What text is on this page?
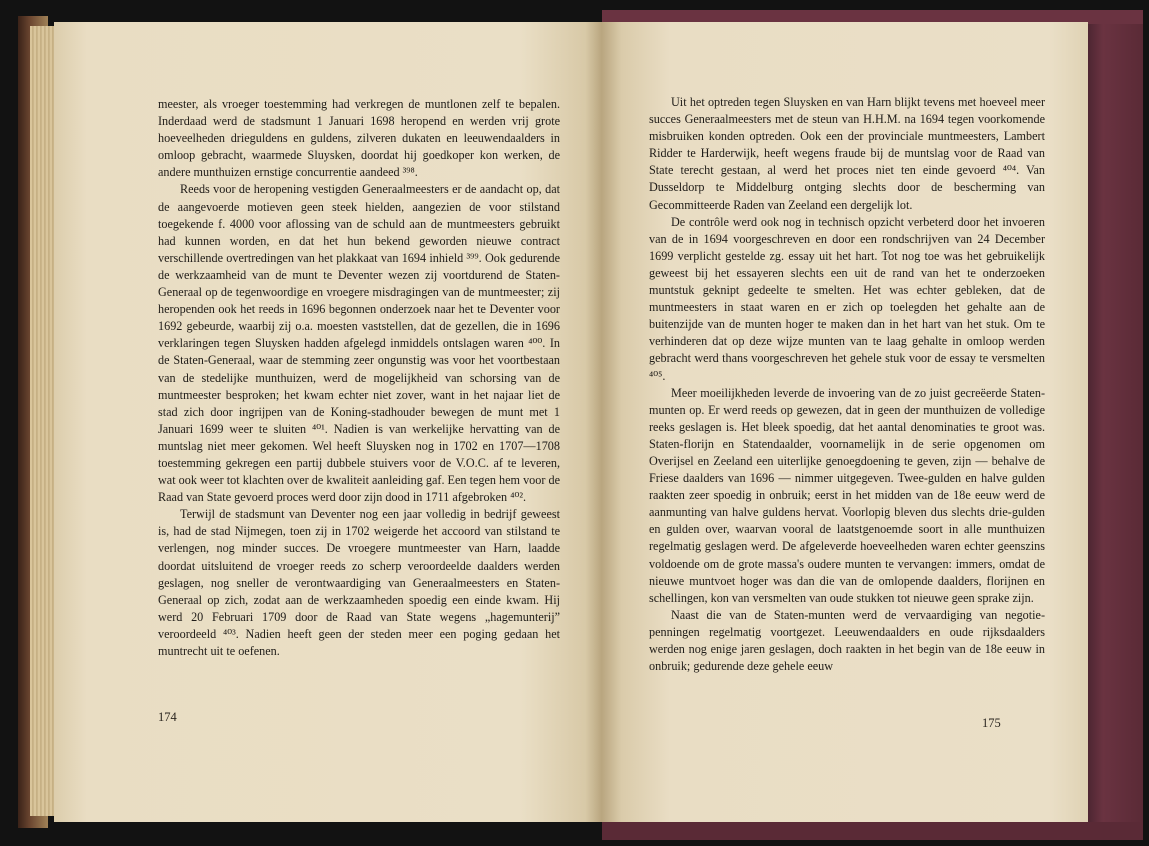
meester, als vroeger toestemming had verkregen de muntlonen zelf te bepalen. Inderdaad werd de stadsmunt 1 Januari 1698 heropend en werden vrij grote hoeveelheden drieguldens en guldens, zilveren dukaten en leeuwendaalders in omloop gebracht, waarmede Sluysken, doordat hij goedkoper kon werken, de andere munthuizen ernstige concurrentie aandeed ³⁹⁸.

Reeds voor de heropening vestigden Generaalmeesters er de aandacht op, dat de aangevoerde motieven geen steek hielden, aangezien de voor stilstand toegekende f. 4000 voor aflossing van de schuld aan de muntmeesters gebruikt had kunnen worden, en dat het hun bekend geworden nieuwe contract verschillende overtredingen van het plakkaat van 1694 inhield ³⁹⁹. Ook gedurende de werkzaamheid van de munt te Deventer wezen zij voortdurend de Staten-Generaal op de tegenwoordige en vroegere misdragingen van de muntmeester; zij heropenden ook het reeds in 1696 begonnen onderzoek naar het te Deventer voor 1692 gebeurde, waarbij zij o.a. moesten vaststellen, dat de gezellen, die in 1696 verklaringen tegen Sluysken hadden afgelegd inmiddels ontslagen waren ⁴⁰⁰. In de Staten-Generaal, waar de stemming zeer ongunstig was voor het voortbestaan van de stedelijke munthuizen, werd de mogelijkheid van schorsing van de muntmeester besproken; het kwam echter niet zover, want in het najaar liet de stad zich door ingrijpen van de Koning-stadhouder bewegen de munt met 1 Januari 1699 weer te sluiten ⁴⁰¹. Nadien is van werkelijke hervatting van de muntslag niet meer gekomen. Wel heeft Sluysken nog in 1702 en 1707—1708 toestemming gekregen een partij dubbele stuivers voor de V.O.C. af te leveren, wat ook weer tot klachten over de kwaliteit aanleiding gaf. Een tegen hem voor de Raad van State gevoerd proces werd door zijn dood in 1711 afgebroken ⁴⁰².

Terwijl de stadsmunt van Deventer nog een jaar volledig in bedrijf geweest is, had de stad Nijmegen, toen zij in 1702 weigerde het accoord van stilstand te verlengen, nog minder succes. De vroegere muntmeester van Harn, laadde doordat uitsluitend de vroeger reeds zo scherp veroordeelde daalders werden geslagen, nog sneller de verontwaardiging van Generaalmeesters en Staten-Generaal op zich, zodat aan de werkzaamheden spoedig een einde kwam. Hij werd 20 Februari 1709 door de Raad van State wegens „hagemunterij” veroordeeld ⁴⁰³. Nadien heeft geen der steden meer een poging gedaan het muntrecht uit te oefenen.

174

Uit het optreden tegen Sluysken en van Harn blijkt tevens met hoeveel meer succes Generaalmeesters met de steun van H.H.M. na 1694 tegen voorkomende misbruiken konden optreden. Ook een der provinciale muntmeesters, Lambert Ridder te Harderwijk, heeft wegens fraude bij de muntslag voor de Raad van State terecht gestaan, al werd het proces niet ten einde gevoerd ⁴⁰⁴. Van Dusseldorp te Middelburg ontging slechts door de bescherming van Gecommitteerde Raden van Zeeland een dergelijk lot.

De contrôle werd ook nog in technisch opzicht verbeterd door het invoeren van de in 1694 voorgeschreven en door een rondschrijven van 24 December 1699 verplicht gestelde zg. essay uit het hart. Tot nog toe was het gebruikelijk geweest bij het essayeren slechts een uit de rand van het te onderzoeken muntstuk geknipt gedeelte te smelten. Het was echter gebleken, dat de muntmeesters in staat waren en er zich op toelegden het gehalte aan de buitenzijde van de munten hoger te maken dan in het hart van het stuk. Om te verhinderen dat op deze wijze munten van te laag gehalte in omloop werden gebracht werd thans voorgeschreven het gehele stuk voor de essay te versmelten ⁴⁰⁵.

Meer moeilijkheden leverde de invoering van de zo juist gecreëerde Staten-munten op. Er werd reeds op gewezen, dat in geen der munthuizen de volledige reeks geslagen is. Het bleek spoedig, dat het aantal denominaties te groot was. Staten-florijn en Statendaalder, voornamelijk in de serie opgenomen om Overijsel en Zeeland een uiterlijke genoegdoening te geven, zijn — behalve de Friese daalders van 1696 — nimmer uitgegeven. Twee-gulden en halve gulden raakten zeer spoedig in onbruik; eerst in het midden van de 18e eeuw werd de aanmunting van halve guldens hervat. Voorlopig bleven dus slechts drie-gulden en gulden over, waarvan vooral de laatstgenoemde soort in alle munthuizen regelmatig geslagen werd. De afgeleverde hoeveelheden waren echter geenszins voldoende om de grote massa's oudere munten te vervangen: immers, omdat de nieuwe muntvoet hoger was dan die van de omlopende daalders, florijnen en schellingen, kon van versmelten van oude stukken tot nieuwe geen sprake zijn.

Naast die van de Staten-munten werd de vervaardiging van negotie-penningen regelmatig voortgezet. Leeuwendaalders en oude rijksdaalders werden nog enige jaren geslagen, doch raakten in het begin van de 18e eeuw in onbruik; gedurende deze gehele eeuw

175
